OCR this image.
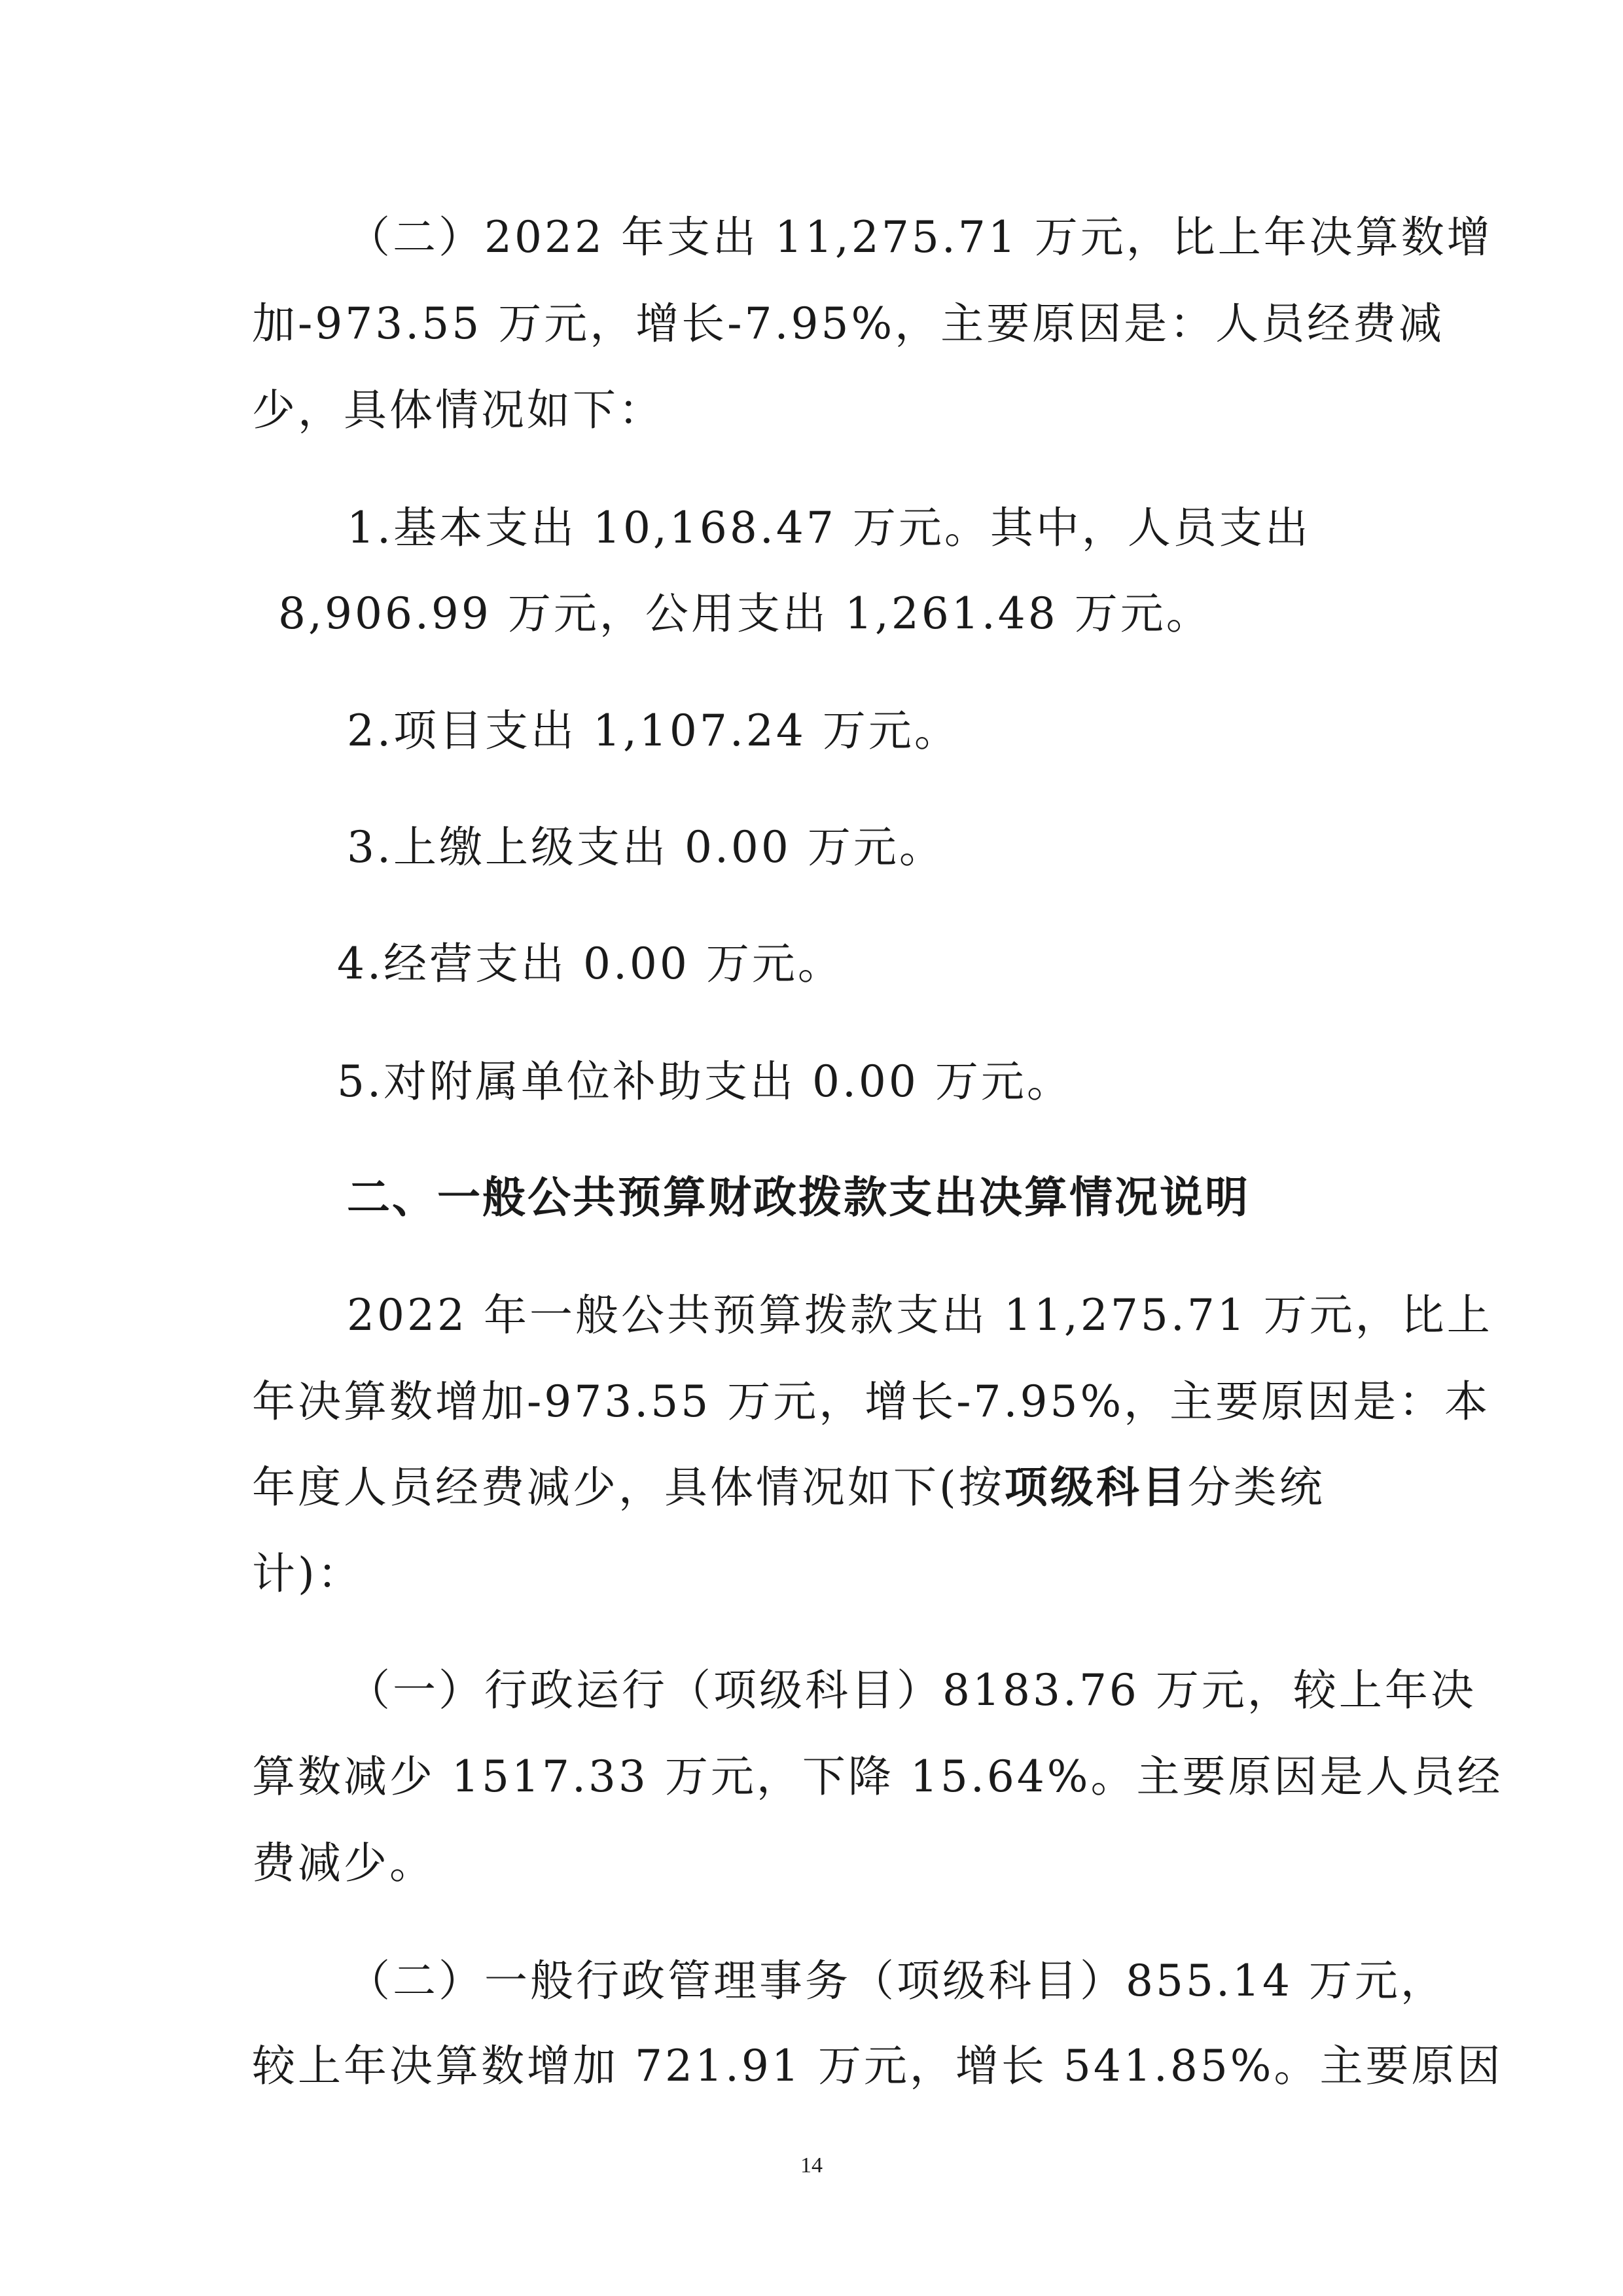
（二）2022 年支出 11,275.71 万元，比上年决算数增
加-973.55 万元，增长-7.95%，主要原因是：人员经费减
少，具体情况如下：
1.基本支出 10,168.47 万元。其中，人员支出
8,906.99 万元，公用支出 1,261.48 万元。
2.项目支出 1,107.24 万元。
3.上缴上级支出 0.00 万元。
4.经营支出 0.00 万元。
5.对附属单位补助支出 0.00 万元。
二、一般公共预算财政拨款支出决算情况说明
2022 年一般公共预算拨款支出 11,275.71 万元，比上
年决算数增加-973.55 万元，增长-7.95%，主要原因是：本
年度人员经费减少，具体情况如下(按项级科目分类统
计)：
（一）行政运行（项级科目）8183.76 万元，较上年决
算数减少 1517.33 万元，下降 15.64%。主要原因是人员经
费减少。
（二）一般行政管理事务（项级科目）855.14 万元，
较上年决算数增加 721.91 万元，增长 541.85%。主要原因
14
